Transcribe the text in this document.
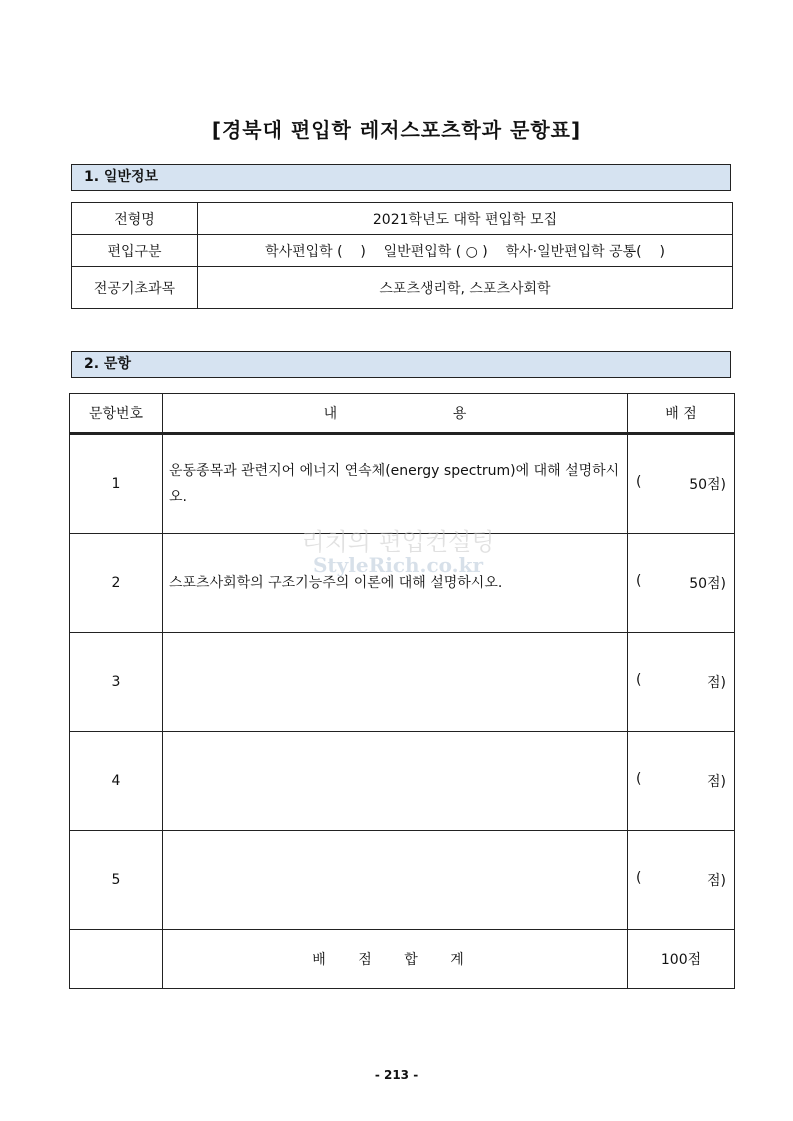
[경북대 편입학 레저스포츠학과 문항표]
1. 일반정보
전형명	2021학년도 대학 편입학 모집
편입구분	학사편입학 (    )    일반편입학 ( ○ )    학사·일반편입학 공통(    )
전공기초과목	스포츠생리학, 스포츠사회학
2. 문항
문항번호	내                          용	배 점
1	운동종목과 관련지어 에너지 연속체(energy spectrum)에 대해 설명하시오.	( 50점)

2	스포츠사회학의 구조기능주의 이론에 대해 설명하시오.	( 50점)

3		( 점)

4		( 점)

5		( 점)

	배 점 합 계	100점
리치의 편입컨설팅
StyleRich.co.kr
- 213 -
